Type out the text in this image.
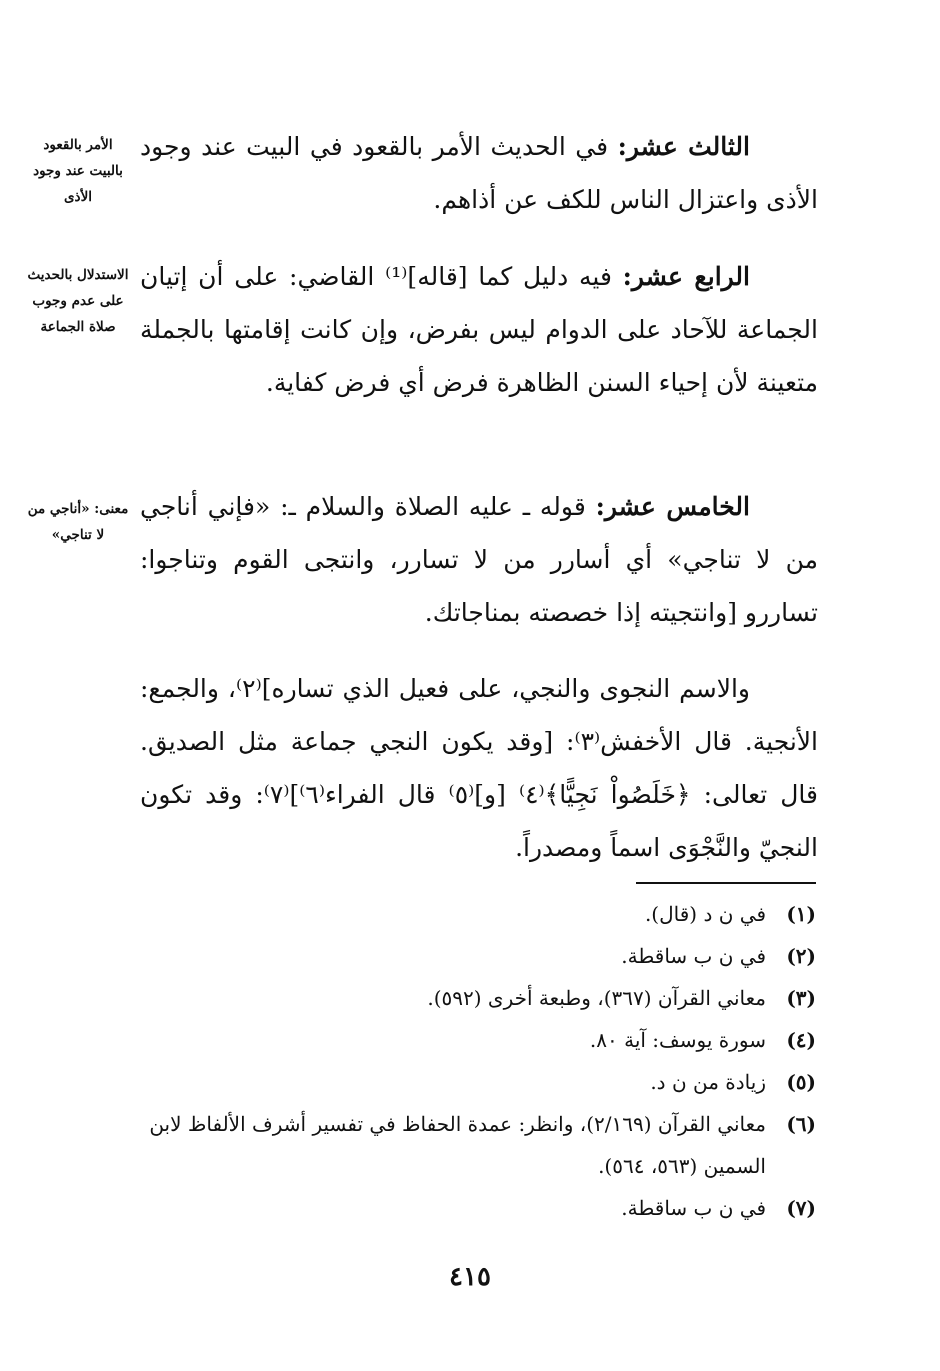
الأمر بالقعود بالبيت عند وجود الأذى
الاستدلال بالحديث على عدم وجوب صلاة الجماعة
معنى: «أناجي من لا تناجي»

الثالث عشر: في الحديث الأمر بالقعود في البيت عند وجود الأذى واعتزال الناس للكف عن أذاهم.

الرابع عشر: فيه دليل كما [قاله]⁽¹⁾ القاضي: على أن إتيان الجماعة للآحاد على الدوام ليس بفرض، وإن كانت إقامتها بالجملة متعينة لأن إحياء السنن الظاهرة فرض أي فرض كفاية.

الخامس عشر: قوله ـ عليه الصلاة والسلام ـ: «فإني أناجي من لا تناجي» أي أسارر من لا تسارر، وانتجى القوم وتناجوا: تساررو [وانتجيته إذا خصصته بمناجاتك.

والاسم النجوى والنجي، على فعيل الذي تساره]⁽٢⁾، والجمع: الأنجية. قال الأخفش⁽٣⁾: [وقد يكون النجي جماعة مثل الصديق. قال تعالى: ﴿خَلَصُواْ نَجِيًّا﴾⁽٤⁾ [و]⁽٥⁾ قال الفراء⁽٦⁾]⁽٧⁾: وقد تكون النجيّ والنَّجْوَى اسماً ومصدراً.

(١)
في ن د (قال).
(٢)
في ن ب ساقطة.
(٣)
معاني القرآن (٣٦٧)، وطبعة أخرى (٥٩٢).
(٤)
سورة يوسف: آية ٨٠.
(٥)
زيادة من ن د.
(٦)
معاني القرآن (٢/١٦٩)، وانظر: عمدة الحفاظ في تفسير أشرف الألفاظ لابن السمين (٥٦٣، ٥٦٤).
(٧)
في ن ب ساقطة.
٤١٥
